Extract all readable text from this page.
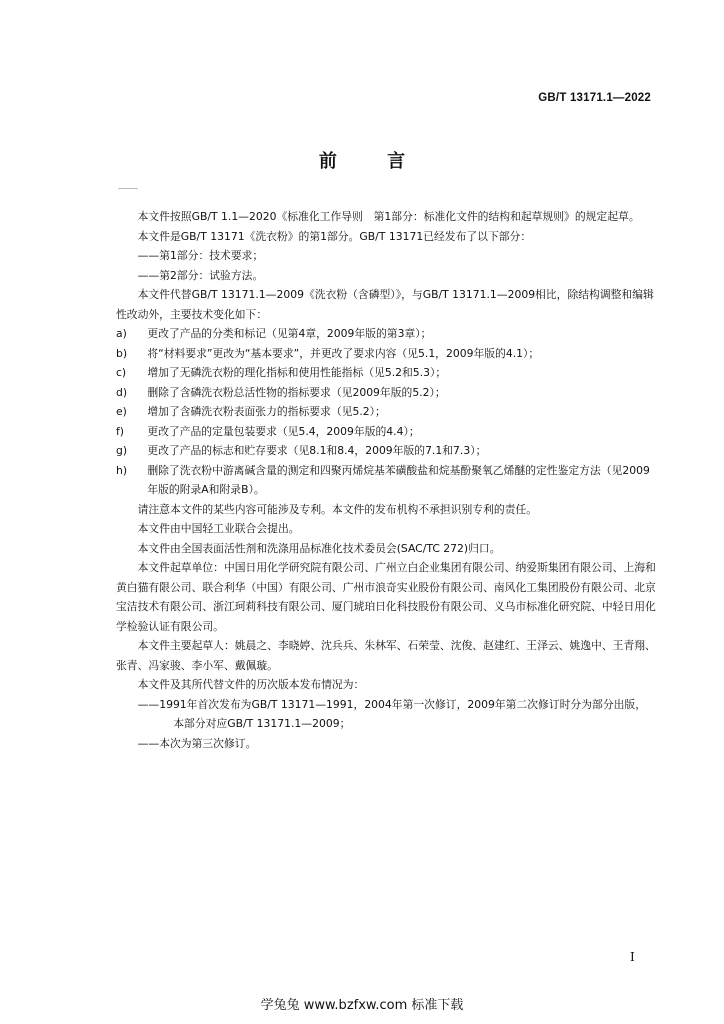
GB/T 13171.1—2022
前 言

本文件按照GB/T 1.1—2020《标准化工作导则　第1部分：标准化文件的结构和起草规则》的规定起草。

本文件是GB/T 13171《洗衣粉》的第1部分。GB/T 13171已经发布了以下部分：

——第1部分：技术要求；

——第2部分：试验方法。

本文件代替GB/T 13171.1—2009《洗衣粉（含磷型）》，与GB/T 13171.1—2009相比，除结构调整和编辑性改动外，主要技术变化如下：

a)	更改了产品的分类和标记（见第4章，2009年版的第3章）；
b)	将“材料要求”更改为“基本要求”，并更改了要求内容（见5.1，2009年版的4.1）；
c)	增加了无磷洗衣粉的理化指标和使用性能指标（见5.2和5.3）；
d)	删除了含磷洗衣粉总活性物的指标要求（见2009年版的5.2）；
e)	增加了含磷洗衣粉表面张力的指标要求（见5.2）；
f)	更改了产品的定量包装要求（见5.4，2009年版的4.4）；
g)	更改了产品的标志和贮存要求（见8.1和8.4，2009年版的7.1和7.3）；
h)	删除了洗衣粉中游离碱含量的测定和四聚丙烯烷基苯磺酸盐和烷基酚聚氧乙烯醚的定性鉴定方法（见2009年版的附录A和附录B）。

请注意本文件的某些内容可能涉及专利。本文件的发布机构不承担识别专利的责任。

本文件由中国轻工业联合会提出。

本文件由全国表面活性剂和洗涤用品标准化技术委员会(SAC/TC 272)归口。

本文件起草单位：中国日用化学研究院有限公司、广州立白企业集团有限公司、纳爱斯集团有限公司、上海和黄白猫有限公司、联合利华（中国）有限公司、广州市浪奇实业股份有限公司、南风化工集团股份有限公司、北京宝洁技术有限公司、浙江珂莉科技有限公司、厦门琥珀日化科技股份有限公司、义乌市标准化研究院、中轻日用化学检验认证有限公司。

本文件主要起草人：姚晨之、李晓婷、沈兵兵、朱林军、石荣莹、沈俊、赵建红、王泽云、姚逸中、王青翔、张青、冯家骏、李小军、戴佩璇。

本文件及其所代替文件的历次版本发布情况为：

——1991年首次发布为GB/T 13171—1991，2004年第一次修订，2009年第二次修订时分为部分出版，本部分对应GB/T 13171.1—2009；

——本次为第三次修订。

I
学兔兔 www.bzfxw.com 标准下载
